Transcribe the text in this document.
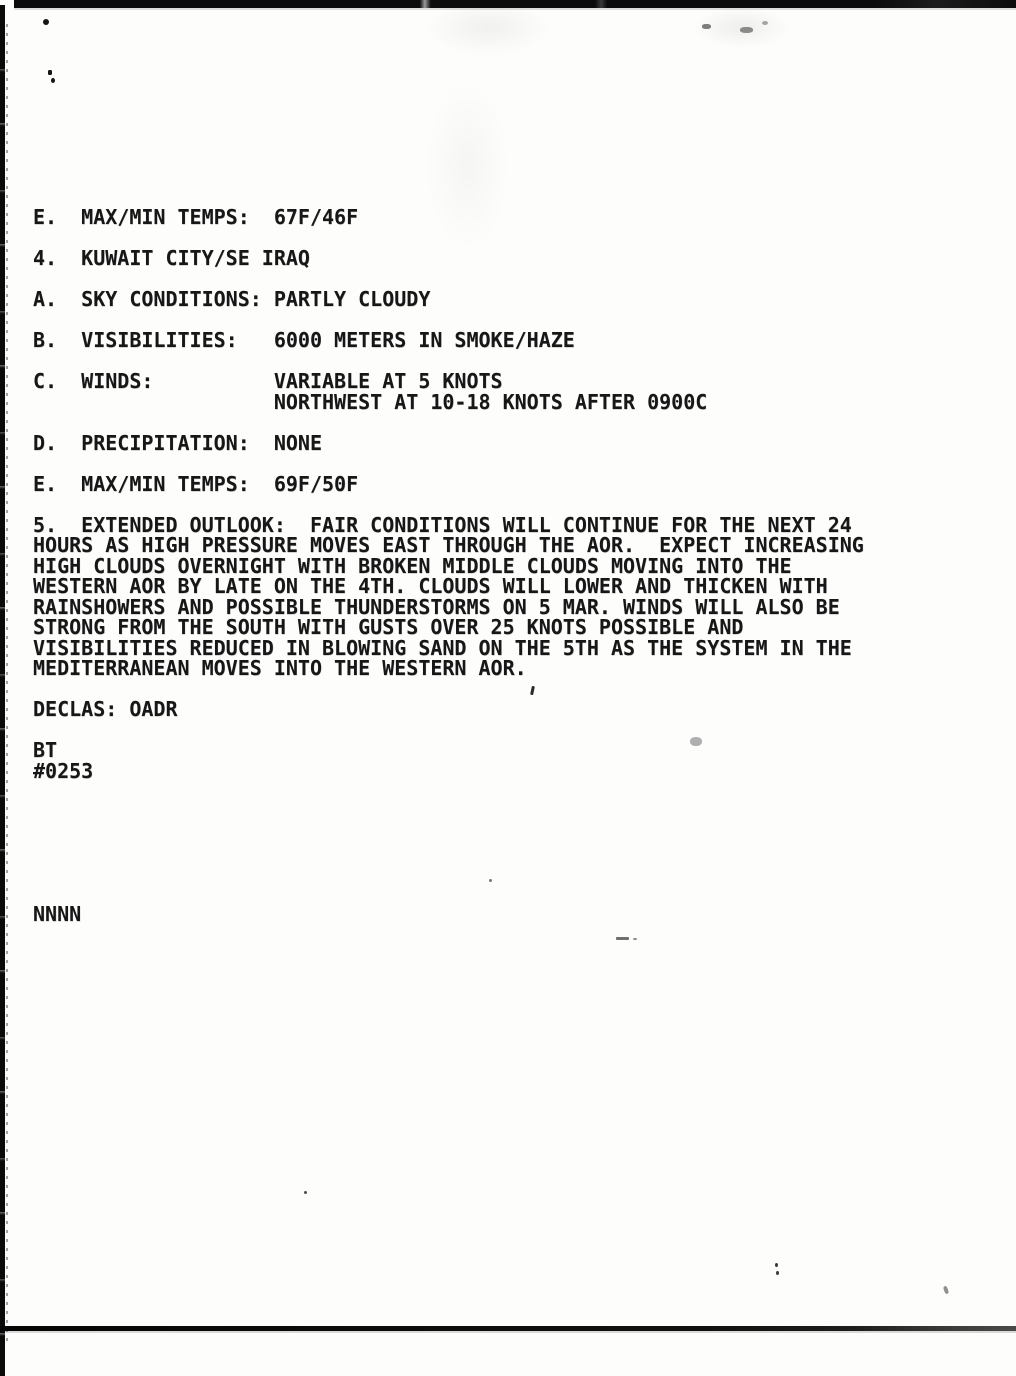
E.  MAX/MIN TEMPS:  67F/46F

4.  KUWAIT CITY/SE IRAQ

A.  SKY CONDITIONS: PARTLY CLOUDY

B.  VISIBILITIES:   6000 METERS IN SMOKE/HAZE

C.  WINDS:          VARIABLE AT 5 KNOTS
NORTHWEST AT 10-18 KNOTS AFTER 0900C

D.  PRECIPITATION:  NONE

E.  MAX/MIN TEMPS:  69F/50F

5.  EXTENDED OUTLOOK:  FAIR CONDITIONS WILL CONTINUE FOR THE NEXT 24
HOURS AS HIGH PRESSURE MOVES EAST THROUGH THE AOR.  EXPECT INCREASING
HIGH CLOUDS OVERNIGHT WITH BROKEN MIDDLE CLOUDS MOVING INTO THE
WESTERN AOR BY LATE ON THE 4TH. CLOUDS WILL LOWER AND THICKEN WITH
RAINSHOWERS AND POSSIBLE THUNDERSTORMS ON 5 MAR. WINDS WILL ALSO BE
STRONG FROM THE SOUTH WITH GUSTS OVER 25 KNOTS POSSIBLE AND
VISIBILITIES REDUCED IN BLOWING SAND ON THE 5TH AS THE SYSTEM IN THE
MEDITERRANEAN MOVES INTO THE WESTERN AOR.

DECLAS: OADR

BT
#0253

NNNN
